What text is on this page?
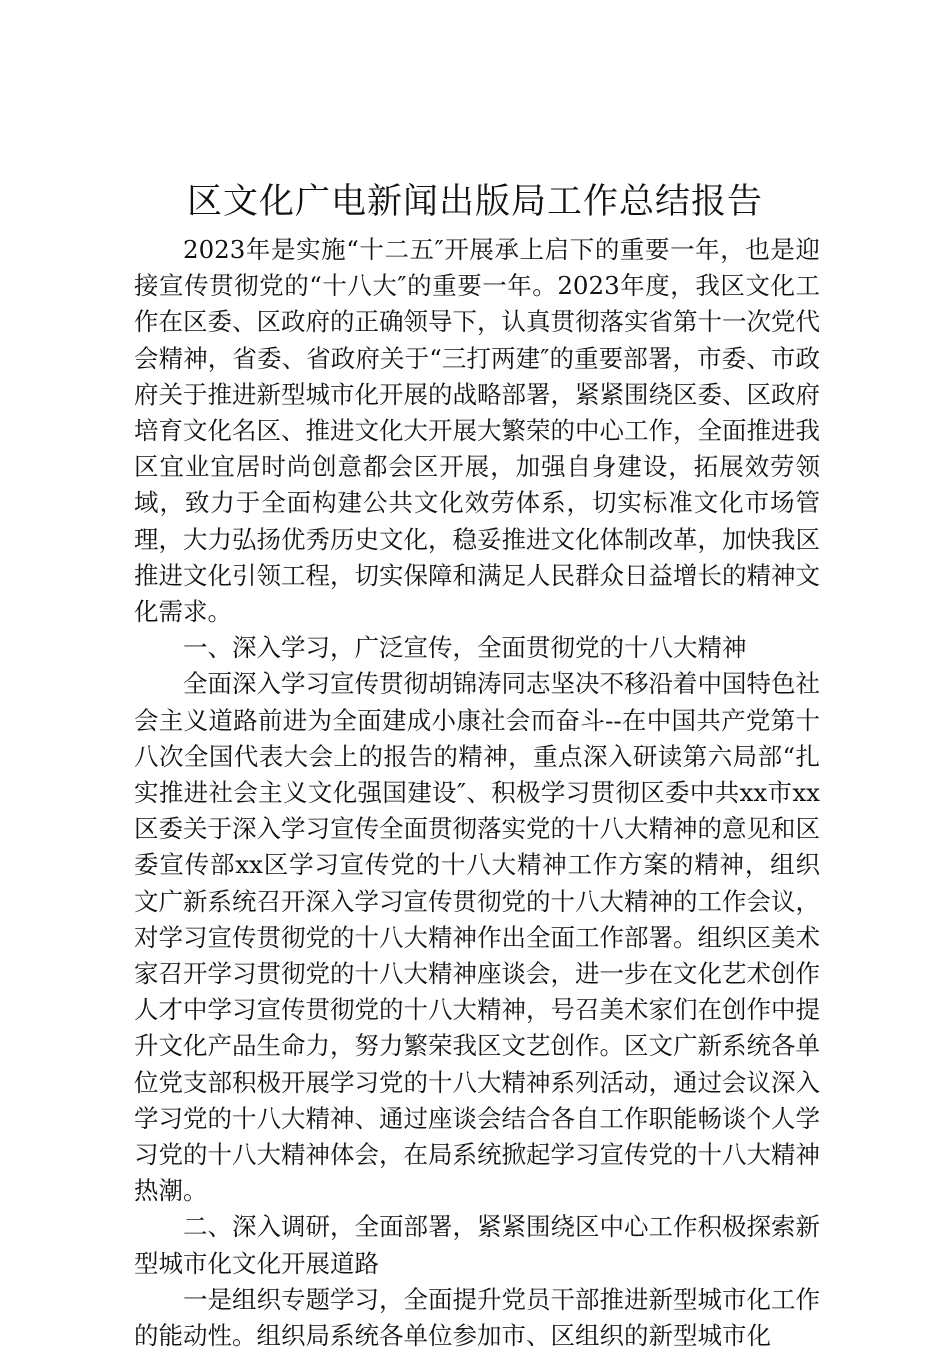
区文化广电新闻出版局工作总结报告

2023年是实施“十二五″开展承上启下的重要一年，也是迎接宣传贯彻党的“十八大″的重要一年。2023年度，我区文化工作在区委、区政府的正确领导下，认真贯彻落实省第十一次党代会精神，省委、省政府关于“三打两建″的重要部署，市委、市政府关于推进新型城市化开展的战略部署，紧紧围绕区委、区政府培育文化名区、推进文化大开展大繁荣的中心工作，全面推进我区宜业宜居时尚创意都会区开展，加强自身建设，拓展效劳领域，致力于全面构建公共文化效劳体系，切实标准文化市场管理，大力弘扬优秀历史文化，稳妥推进文化体制改革，加快我区推进文化引领工程，切实保障和满足人民群众日益增长的精神文化需求。

一、深入学习，广泛宣传，全面贯彻党的十八大精神

全面深入学习宣传贯彻胡锦涛同志坚决不移沿着中国特色社会主义道路前进为全面建成小康社会而奋斗--在中国共产党第十八次全国代表大会上的报告的精神，重点深入研读第六局部“扎实推进社会主义文化强国建设″、积极学习贯彻区委中共xx市xx区委关于深入学习宣传全面贯彻落实党的十八大精神的意见和区委宣传部xx区学习宣传党的十八大精神工作方案的精神，组织文广新系统召开深入学习宣传贯彻党的十八大精神的工作会议，对学习宣传贯彻党的十八大精神作出全面工作部署。组织区美术家召开学习贯彻党的十八大精神座谈会，进一步在文化艺术创作人才中学习宣传贯彻党的十八大精神，号召美术家们在创作中提升文化产品生命力，努力繁荣我区文艺创作。区文广新系统各单位党支部积极开展学习党的十八大精神系列活动，通过会议深入学习党的十八大精神、通过座谈会结合各自工作职能畅谈个人学习党的十八大精神体会，在局系统掀起学习宣传党的十八大精神热潮。

二、深入调研，全面部署，紧紧围绕区中心工作积极探索新型城市化文化开展道路

一是组织专题学习，全面提升党员干部推进新型城市化工作的能动性。组织局系统各单位参加市、区组织的新型城市化
